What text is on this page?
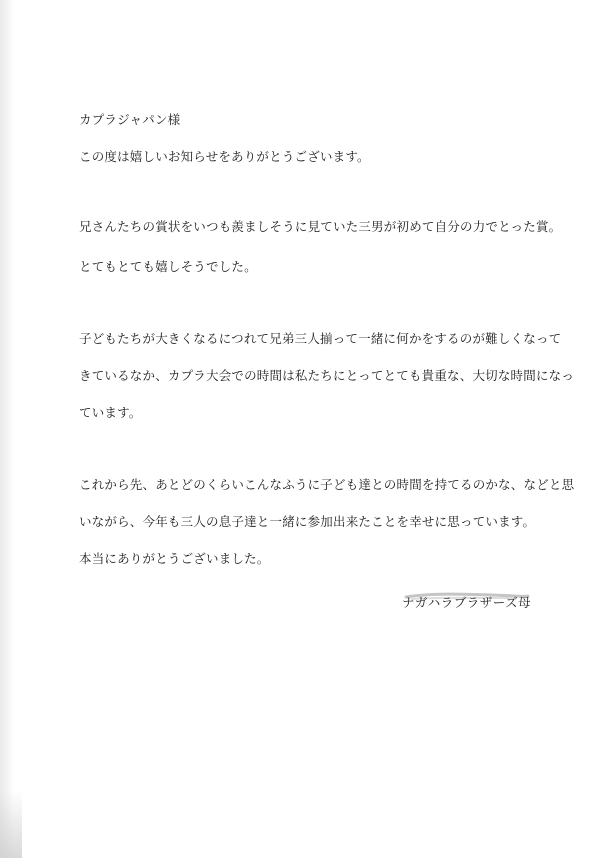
カプラジャパン様
この度は嬉しいお知らせをありがとうございます。
兄さんたちの賞状をいつも羨ましそうに見ていた三男が初めて自分の力でとった賞。
とてもとても嬉しそうでした。
子どもたちが大きくなるにつれて兄弟三人揃って一緒に何かをするのが難しくなって
きているなか、カプラ大会での時間は私たちにとってとても貴重な、大切な時間になっ
ています。
これから先、あとどのくらいこんなふうに子ども達との時間を持てるのかな、などと思
いながら、今年も三人の息子達と一緒に参加出来たことを幸せに思っています。
本当にありがとうございました。
ナガハラブラザーズ母
